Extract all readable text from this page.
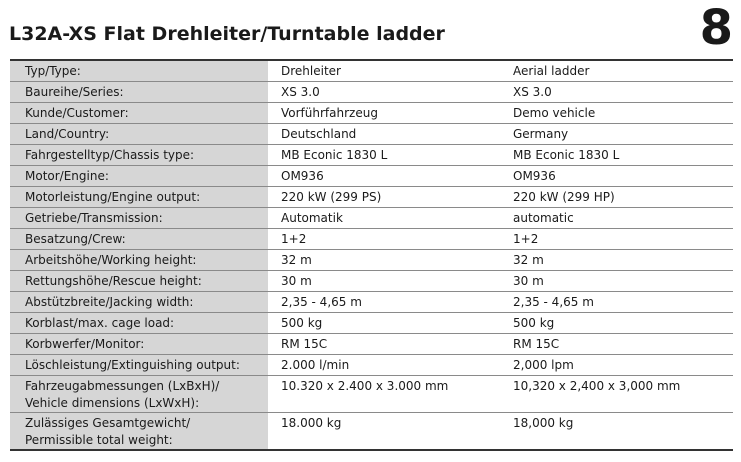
L32A-XS Flat Drehleiter/Turntable ladder	8
Typ/Type:	Drehleiter	Aerial ladder
Baureihe/Series:	XS 3.0	XS 3.0
Kunde/Customer:	Vorführfahrzeug	Demo vehicle
Land/Country:	Deutschland	Germany
Fahrgestelltyp/Chassis type:	MB Econic 1830 L	MB Econic 1830 L
Motor/Engine:	OM936	OM936
Motorleistung/Engine output:	220 kW (299 PS)	220 kW (299 HP)
Getriebe/Transmission:	Automatik	automatic
Besatzung/Crew:	1+2	1+2
Arbeitshöhe/Working height:	32 m	32 m
Rettungshöhe/Rescue height:	30 m	30 m
Abstützbreite/Jacking width:	2,35 - 4,65 m	2,35 - 4,65 m
Korblast/max. cage load:	500 kg	500 kg
Korbwerfer/Monitor:	RM 15C	RM 15C
Löschleistung/Extinguishing output:	2.000 l/min	2,000 lpm

Fahrzeugabmessungen (LxBxH)/
Vehicle dimensions (LxWxH):	10.320 x 2.400 x 3.000 mm	10,320 x 2,400 x 3,000 mm

Zulässiges Gesamtgewicht/
Permissible total weight:	18.000 kg	18,000 kg
